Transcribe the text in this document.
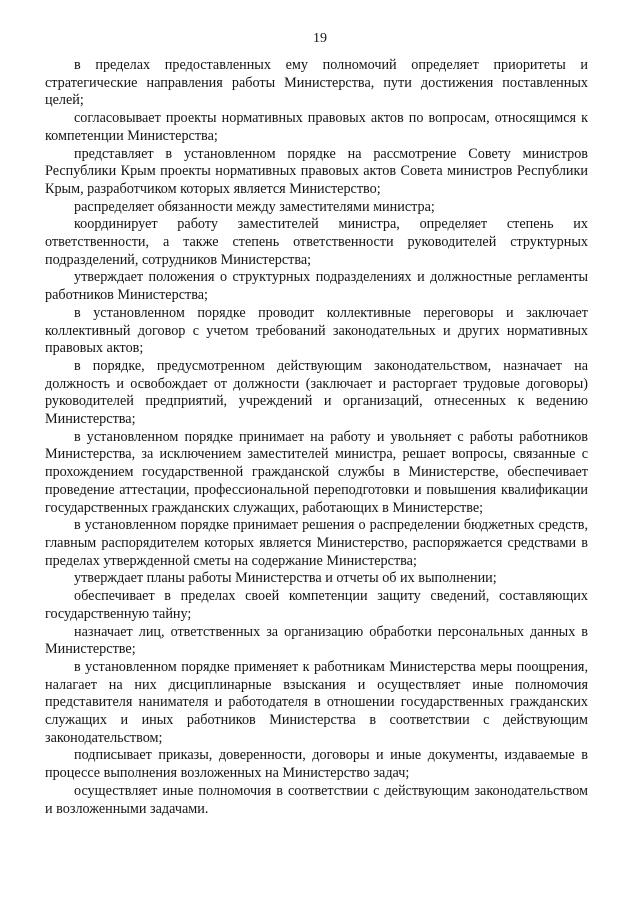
19

в пределах предоставленных ему полномочий определяет приоритеты и стратегические направления работы Министерства, пути достижения поставленных целей;

согласовывает проекты нормативных правовых актов по вопросам, относящимся к компетенции Министерства;

представляет в установленном порядке на рассмотрение Совету министров Республики Крым проекты нормативных правовых актов Совета министров Республики Крым, разработчиком которых является Министерство;

распределяет обязанности между заместителями министра;

координирует работу заместителей министра, определяет степень их ответственности, а также степень ответственности руководителей структурных подразделений, сотрудников Министерства;

утверждает положения о структурных подразделениях и должностные регламенты работников Министерства;

в установленном порядке проводит коллективные переговоры и заключает коллективный договор с учетом требований законодательных и других нормативных правовых актов;

в порядке, предусмотренном действующим законодательством, назначает на должность и освобождает от должности (заключает и расторгает трудовые договоры) руководителей предприятий, учреждений и организаций, отнесенных к ведению Министерства;

в установленном порядке принимает на работу и увольняет с работы работников Министерства, за исключением заместителей министра, решает вопросы, связанные с прохождением государственной гражданской службы в Министерстве, обеспечивает проведение аттестации, профессиональной переподготовки и повышения квалификации государственных гражданских служащих, работающих в Министерстве;

в установленном порядке принимает решения о распределении бюджетных средств, главным распорядителем которых является Министерство, распоряжается средствами в пределах утвержденной сметы на содержание Министерства;

утверждает планы работы Министерства и отчеты об их выполнении;

обеспечивает в пределах своей компетенции защиту сведений, составляющих государственную тайну;

назначает лиц, ответственных за организацию обработки персональных данных в Министерстве;

в установленном порядке применяет к работникам Министерства меры поощрения, налагает на них дисциплинарные взыскания и осуществляет иные полномочия представителя нанимателя и работодателя в отношении государственных гражданских служащих и иных работников Министерства в соответствии с действующим законодательством;

подписывает приказы, доверенности, договоры и иные документы, издаваемые в процессе выполнения возложенных на Министерство задач;

осуществляет иные полномочия в соответствии с действующим законодательством и возложенными задачами.
